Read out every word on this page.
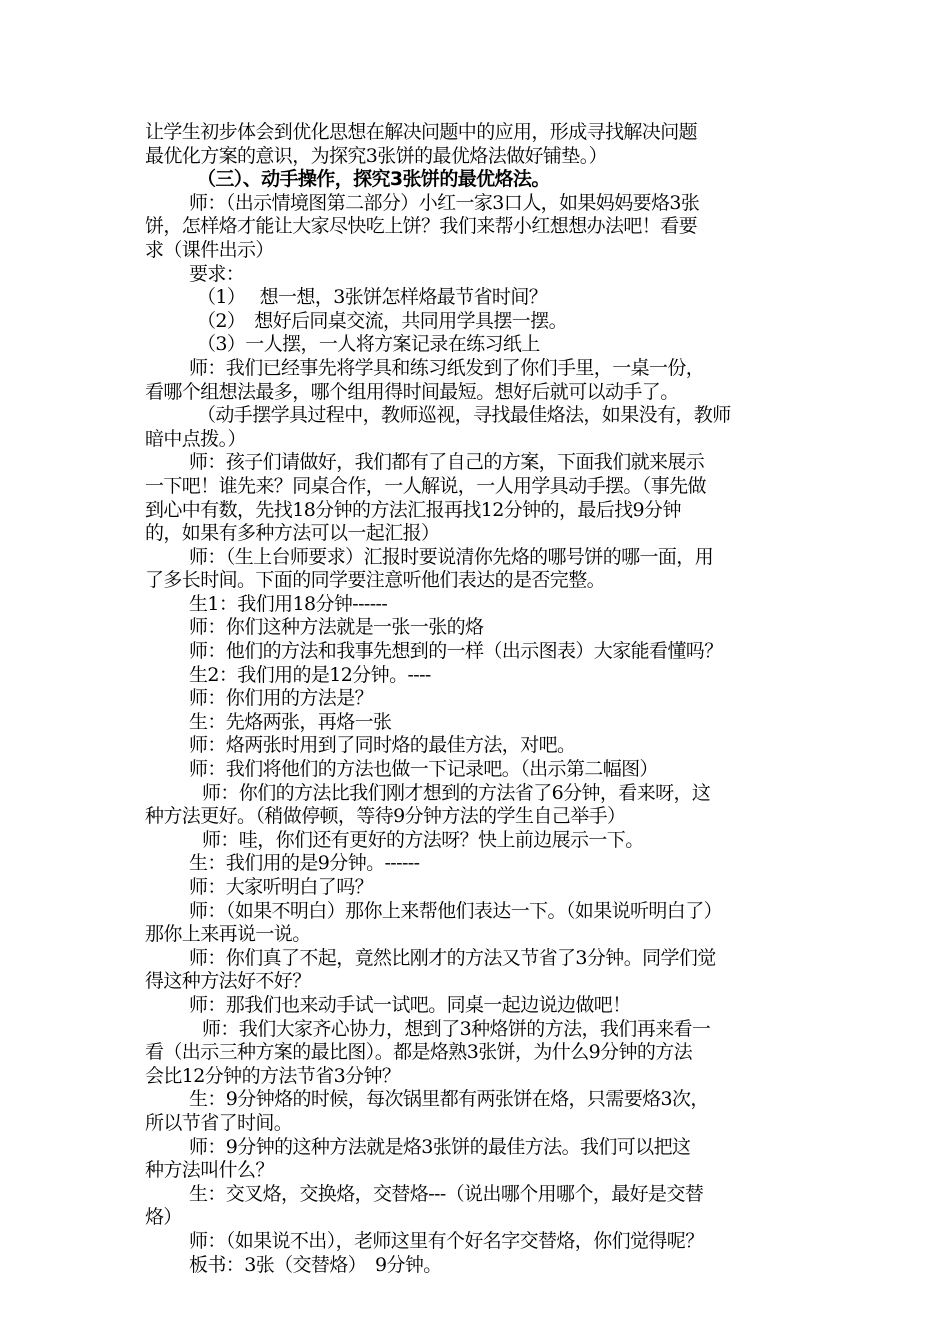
让学生初步体会到优化思想在解决问题中的应用，形成寻找解决问题
最优化方案的意识，为探究3张饼的最优烙法做好铺垫。）
（三）、动手操作，探究3张饼的最优烙法。
师：（出示情境图第二部分）小红一家3口人，如果妈妈要烙3张
饼，怎样烙才能让大家尽快吃上饼？我们来帮小红想想办法吧！看要
求（课件出示）
要求：
（1）　 想一想，3张饼怎样烙最节省时间？
（2）　想好后同桌交流，共同用学具摆一摆。
（3）一人摆，一人将方案记录在练习纸上
师：我们已经事先将学具和练习纸发到了你们手里，一桌一份，
看哪个组想法最多，哪个组用得时间最短。想好后就可以动手了。
（动手摆学具过程中，教师巡视，寻找最佳烙法，如果没有，教师
暗中点拨。）
师：孩子们请做好，我们都有了自己的方案，下面我们就来展示
一下吧！谁先来？同桌合作，一人解说，一人用学具动手摆。（事先做
到心中有数，先找18分钟的方法汇报再找12分钟的，最后找9分钟
的，如果有多种方法可以一起汇报）
师：（生上台师要求）汇报时要说清你先烙的哪号饼的哪一面，用
了多长时间。下面的同学要注意听他们表达的是否完整。
生1：我们用18分钟------
师：你们这种方法就是一张一张的烙
师：他们的方法和我事先想到的一样（出示图表）大家能看懂吗？
生2：我们用的是12分钟。----
师：你们用的方法是？
生：先烙两张，再烙一张
师：烙两张时用到了同时烙的最佳方法，对吧。
师：我们将他们的方法也做一下记录吧。（出示第二幅图）
师：你们的方法比我们刚才想到的方法省了6分钟，看来呀，这
种方法更好。（稍做停顿，等待9分钟方法的学生自己举手）
师：哇，你们还有更好的方法呀？快上前边展示一下。
生：我们用的是9分钟。------
师：大家听明白了吗？
师：（如果不明白）那你上来帮他们表达一下。（如果说听明白了）
那你上来再说一说。
师：你们真了不起，竟然比刚才的方法又节省了3分钟。同学们觉
得这种方法好不好？
师：那我们也来动手试一试吧。同桌一起边说边做吧！
师：我们大家齐心协力，想到了3种烙饼的方法，我们再来看一
看（出示三种方案的最比图）。都是烙熟3张饼，为什么9分钟的方法
会比12分钟的方法节省3分钟？
生：9分钟烙的时候，每次锅里都有两张饼在烙，只需要烙3次，
所以节省了时间。
师：9分钟的这种方法就是烙3张饼的最佳方法。我们可以把这
种方法叫什么？
生：交叉烙，交换烙，交替烙---（说出哪个用哪个，最好是交替
烙）
师：（如果说不出），老师这里有个好名字交替烙，你们觉得呢？
板书：3张（交替烙）　9分钟。
